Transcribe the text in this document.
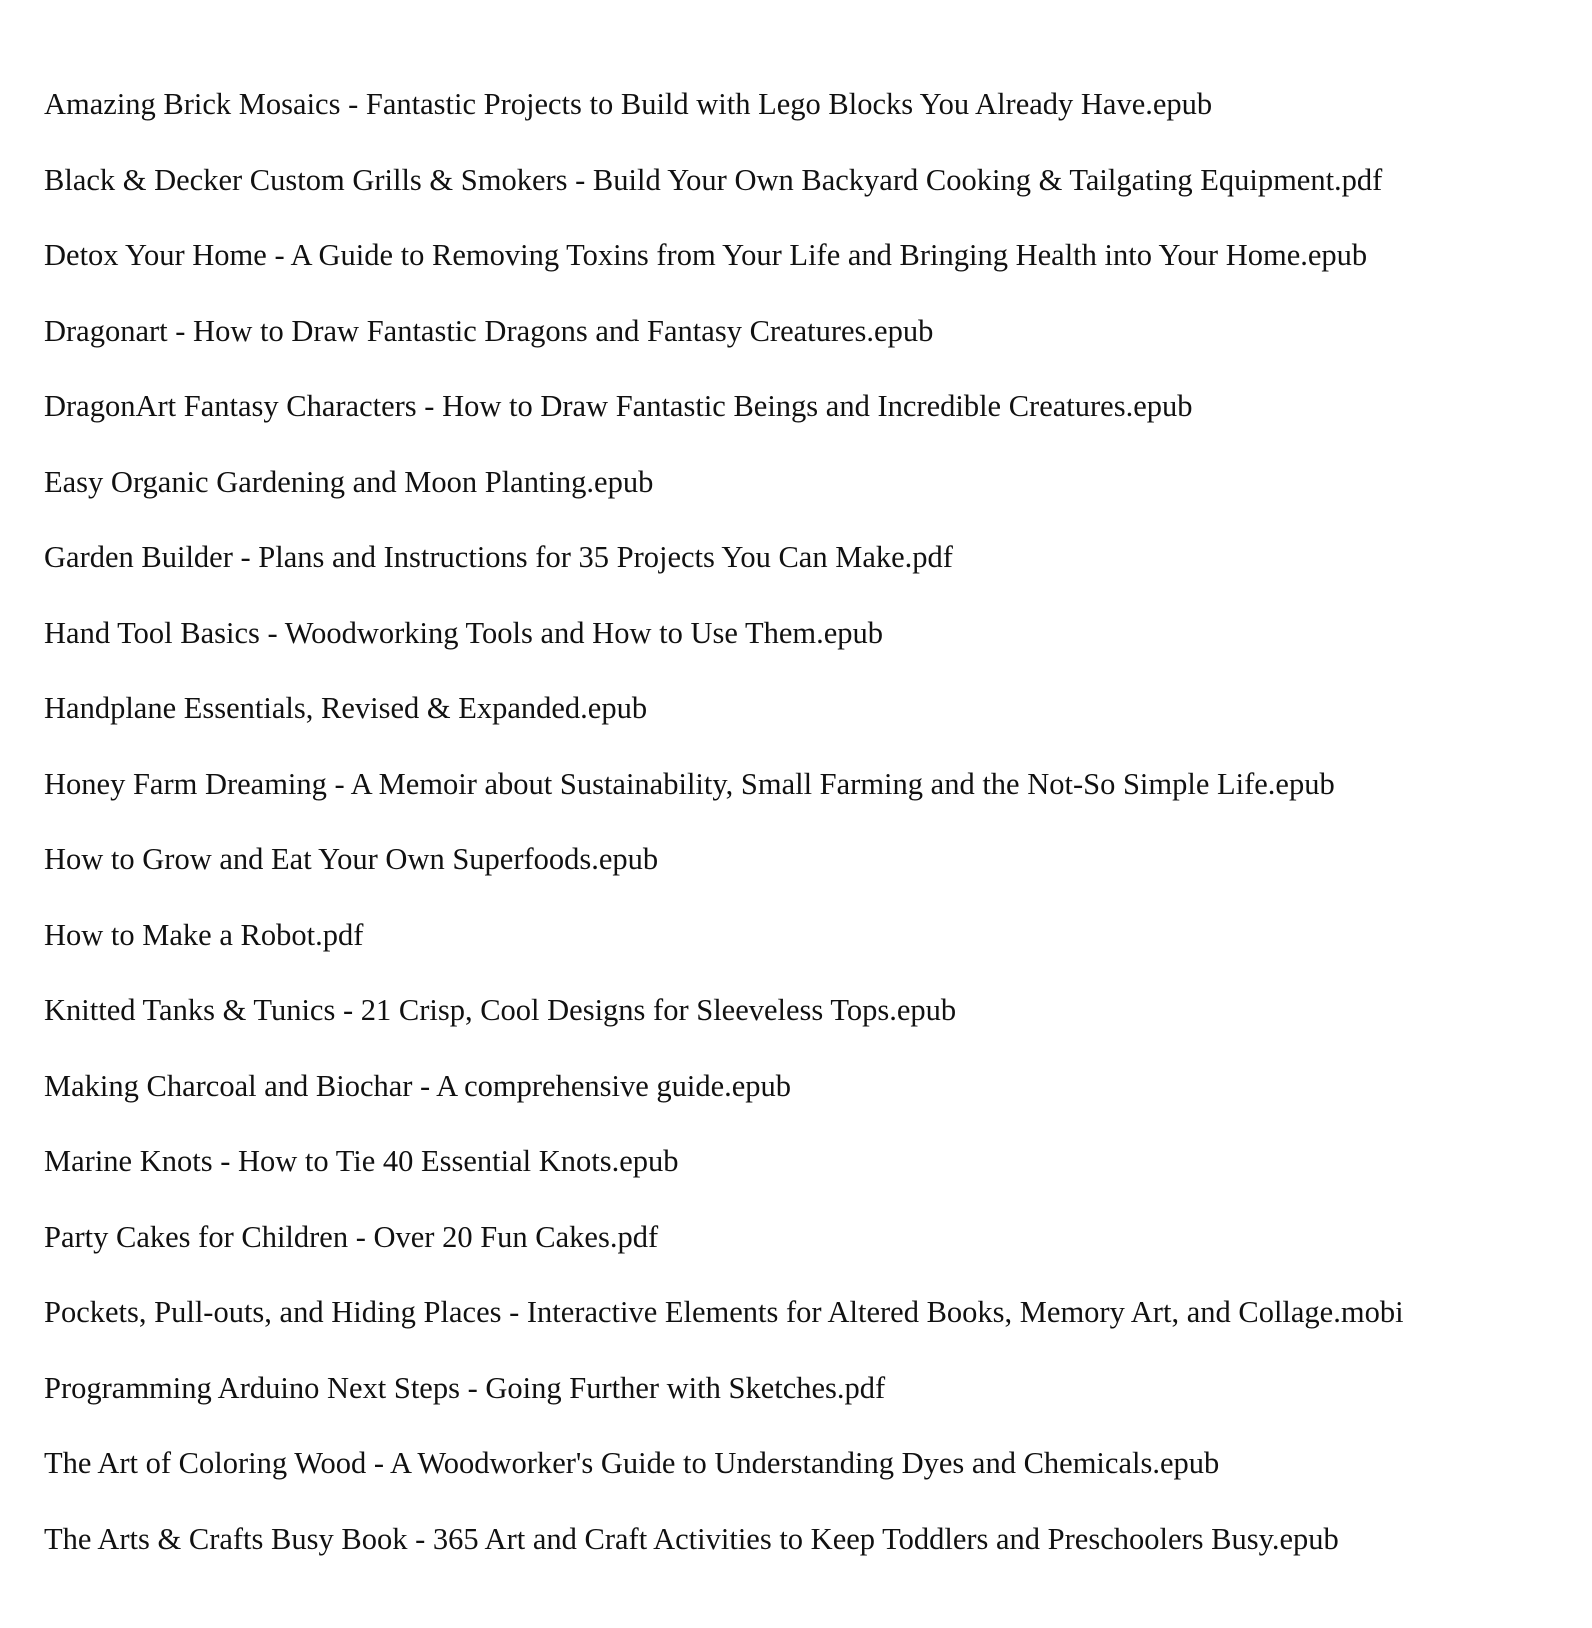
Amazing Brick Mosaics - Fantastic Projects to Build with Lego Blocks You Already Have.epub
Black & Decker Custom Grills & Smokers - Build Your Own Backyard Cooking & Tailgating Equipment.pdf
Detox Your Home - A Guide to Removing Toxins from Your Life and Bringing Health into Your Home.epub
Dragonart - How to Draw Fantastic Dragons and Fantasy Creatures.epub
DragonArt Fantasy Characters - How to Draw Fantastic Beings and Incredible Creatures.epub
Easy Organic Gardening and Moon Planting.epub
Garden Builder - Plans and Instructions for 35 Projects You Can Make.pdf
Hand Tool Basics - Woodworking Tools and How to Use Them.epub
Handplane Essentials, Revised & Expanded.epub
Honey Farm Dreaming - A Memoir about Sustainability, Small Farming and the Not-So Simple Life.epub
How to Grow and Eat Your Own Superfoods.epub
How to Make a Robot.pdf
Knitted Tanks & Tunics - 21 Crisp, Cool Designs for Sleeveless Tops.epub
Making Charcoal and Biochar - A comprehensive guide.epub
Marine Knots - How to Tie 40 Essential Knots.epub
Party Cakes for Children - Over 20 Fun Cakes.pdf
Pockets, Pull-outs, and Hiding Places - Interactive Elements for Altered Books, Memory Art, and Collage.mobi
Programming Arduino Next Steps - Going Further with Sketches.pdf
The Art of Coloring Wood - A Woodworker's Guide to Understanding Dyes and Chemicals.epub
The Arts & Crafts Busy Book - 365 Art and Craft Activities to Keep Toddlers and Preschoolers Busy.epub
